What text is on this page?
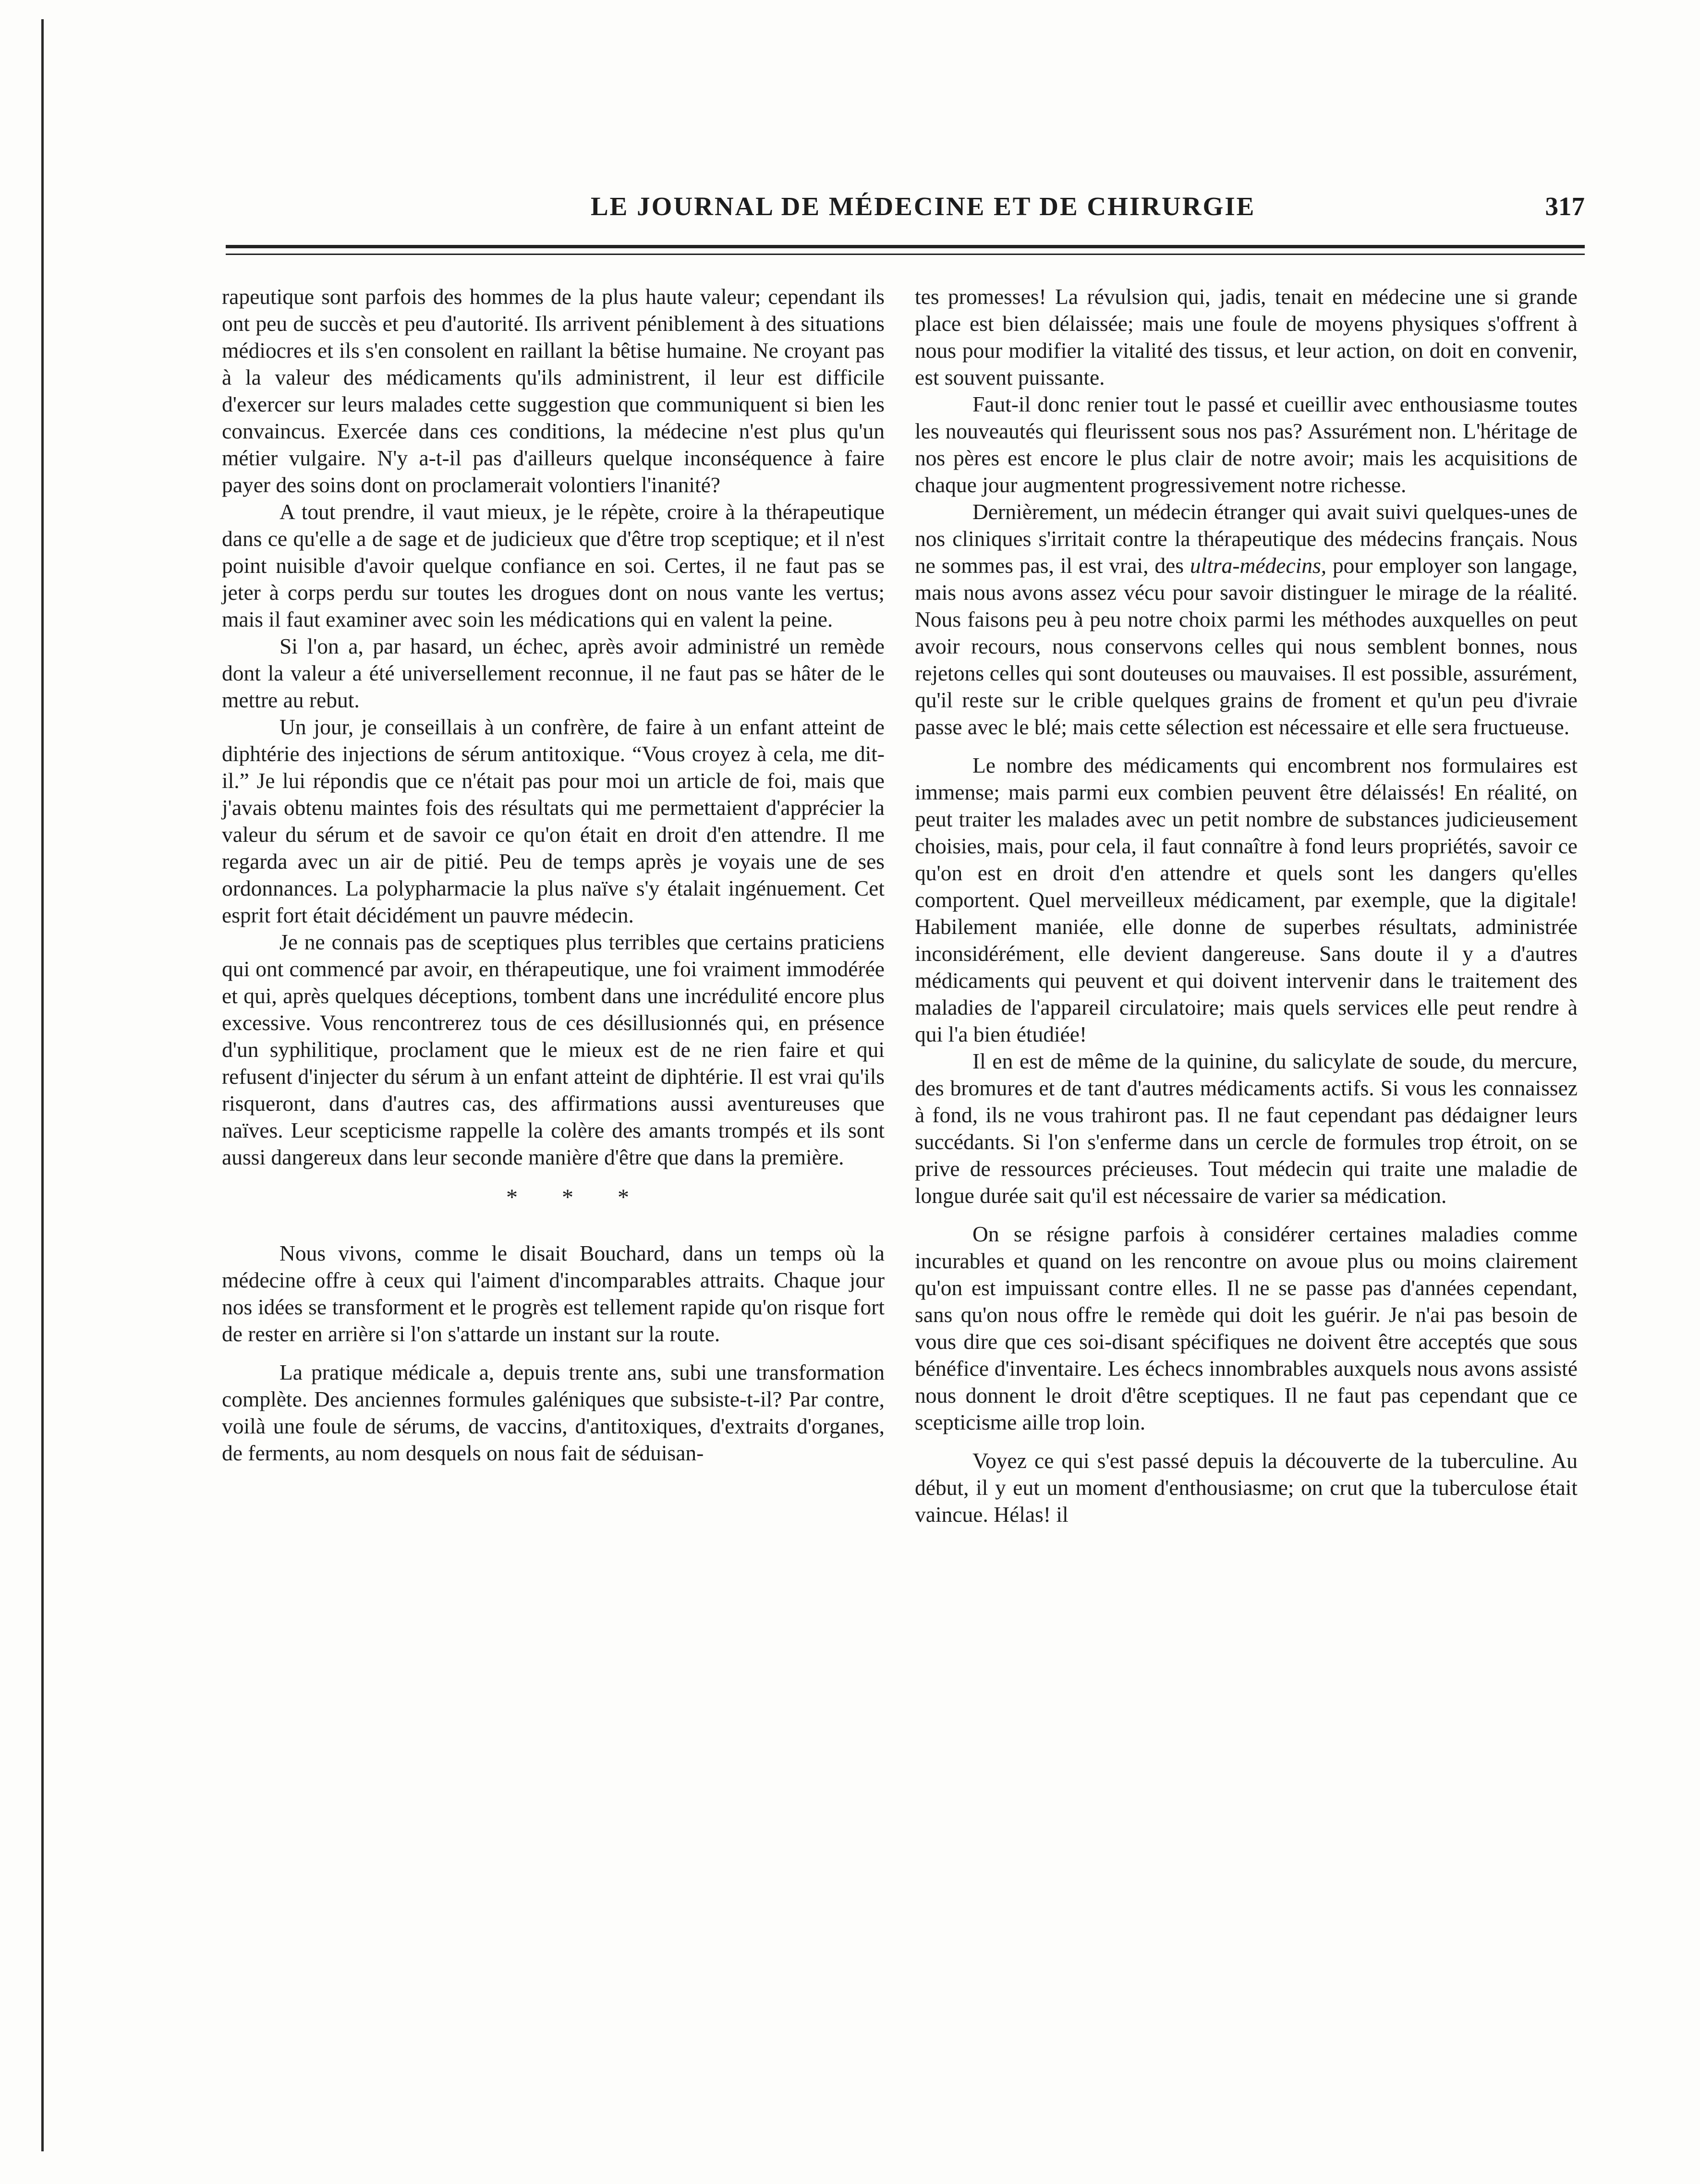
LE JOURNAL DE MÉDECINE ET DE CHIRURGIE	317

rapeutique sont parfois des hommes de la plus haute valeur; cependant ils ont peu de succès et peu d'autorité. Ils arrivent péniblement à des situations médiocres et ils s'en consolent en raillant la bêtise humaine. Ne croyant pas à la valeur des médicaments qu'ils administrent, il leur est difficile d'exercer sur leurs malades cette suggestion que communiquent si bien les convaincus. Exercée dans ces conditions, la médecine n'est plus qu'un métier vulgaire. N'y a-t-il pas d'ailleurs quelque inconséquence à faire payer des soins dont on proclamerait volontiers l'inanité?

A tout prendre, il vaut mieux, je le répète, croire à la thérapeutique dans ce qu'elle a de sage et de judicieux que d'être trop sceptique; et il n'est point nuisible d'avoir quelque confiance en soi. Certes, il ne faut pas se jeter à corps perdu sur toutes les drogues dont on nous vante les vertus; mais il faut examiner avec soin les médications qui en valent la peine.

Si l'on a, par hasard, un échec, après avoir administré un remède dont la valeur a été universellement reconnue, il ne faut pas se hâter de le mettre au rebut.

Un jour, je conseillais à un confrère, de faire à un enfant atteint de diphtérie des injections de sérum antitoxique. “Vous croyez à cela, me dit-il.” Je lui répondis que ce n'était pas pour moi un article de foi, mais que j'avais obtenu maintes fois des résultats qui me permettaient d'apprécier la valeur du sérum et de savoir ce qu'on était en droit d'en attendre. Il me regarda avec un air de pitié. Peu de temps après je voyais une de ses ordonnances. La polypharmacie la plus naïve s'y étalait ingénuement. Cet esprit fort était décidément un pauvre médecin.

Je ne connais pas de sceptiques plus terribles que certains praticiens qui ont commencé par avoir, en thérapeutique, une foi vraiment immodérée et qui, après quelques déceptions, tombent dans une incrédulité encore plus excessive. Vous rencontrerez tous de ces désillusionnés qui, en présence d'un syphilitique, proclament que le mieux est de ne rien faire et qui refusent d'injecter du sérum à un enfant atteint de diphtérie. Il est vrai qu'ils risqueront, dans d'autres cas, des affirmations aussi aventureuses que naïves. Leur scepticisme rappelle la colère des amants trompés et ils sont aussi dangereux dans leur seconde manière d'être que dans la première.

* * *

Nous vivons, comme le disait Bouchard, dans un temps où la médecine offre à ceux qui l'aiment d'incomparables attraits. Chaque jour nos idées se transforment et le progrès est tellement rapide qu'on risque fort de rester en arrière si l'on s'attarde un instant sur la route.

La pratique médicale a, depuis trente ans, subi une transformation complète. Des anciennes formules galéniques que subsiste-t-il? Par contre, voilà une foule de sérums, de vaccins, d'antitoxiques, d'extraits d'organes, de ferments, au nom desquels on nous fait de séduisan-

tes promesses! La révulsion qui, jadis, tenait en médecine une si grande place est bien délaissée; mais une foule de moyens physiques s'offrent à nous pour modifier la vitalité des tissus, et leur action, on doit en convenir, est souvent puissante.

Faut-il donc renier tout le passé et cueillir avec enthousiasme toutes les nouveautés qui fleurissent sous nos pas? Assurément non. L'héritage de nos pères est encore le plus clair de notre avoir; mais les acquisitions de chaque jour augmentent progressivement notre richesse.

Dernièrement, un médecin étranger qui avait suivi quelques-unes de nos cliniques s'irritait contre la thérapeutique des médecins français. Nous ne sommes pas, il est vrai, des ultra-médecins, pour employer son langage, mais nous avons assez vécu pour savoir distinguer le mirage de la réalité. Nous faisons peu à peu notre choix parmi les méthodes auxquelles on peut avoir recours, nous conservons celles qui nous semblent bonnes, nous rejetons celles qui sont douteuses ou mauvaises. Il est possible, assurément, qu'il reste sur le crible quelques grains de froment et qu'un peu d'ivraie passe avec le blé; mais cette sélection est nécessaire et elle sera fructueuse.

Le nombre des médicaments qui encombrent nos formulaires est immense; mais parmi eux combien peuvent être délaissés! En réalité, on peut traiter les malades avec un petit nombre de substances judicieusement choisies, mais, pour cela, il faut connaître à fond leurs propriétés, savoir ce qu'on est en droit d'en attendre et quels sont les dangers qu'elles comportent. Quel merveilleux médicament, par exemple, que la digitale! Habilement maniée, elle donne de superbes résultats, administrée inconsidérément, elle devient dangereuse. Sans doute il y a d'autres médicaments qui peuvent et qui doivent intervenir dans le traitement des maladies de l'appareil circulatoire; mais quels services elle peut rendre à qui l'a bien étudiée!

Il en est de même de la quinine, du salicylate de soude, du mercure, des bromures et de tant d'autres médicaments actifs. Si vous les connaissez à fond, ils ne vous trahiront pas. Il ne faut cependant pas dédaigner leurs succédants. Si l'on s'enferme dans un cercle de formules trop étroit, on se prive de ressources précieuses. Tout médecin qui traite une maladie de longue durée sait qu'il est nécessaire de varier sa médication.

On se résigne parfois à considérer certaines maladies comme incurables et quand on les rencontre on avoue plus ou moins clairement qu'on est impuissant contre elles. Il ne se passe pas d'années cependant, sans qu'on nous offre le remède qui doit les guérir. Je n'ai pas besoin de vous dire que ces soi-disant spécifiques ne doivent être acceptés que sous bénéfice d'inventaire. Les échecs innombrables auxquels nous avons assisté nous donnent le droit d'être sceptiques. Il ne faut pas cependant que ce scepticisme aille trop loin.

Voyez ce qui s'est passé depuis la découverte de la tuberculine. Au début, il y eut un moment d'enthousiasme; on crut que la tuberculose était vaincue. Hélas! il
